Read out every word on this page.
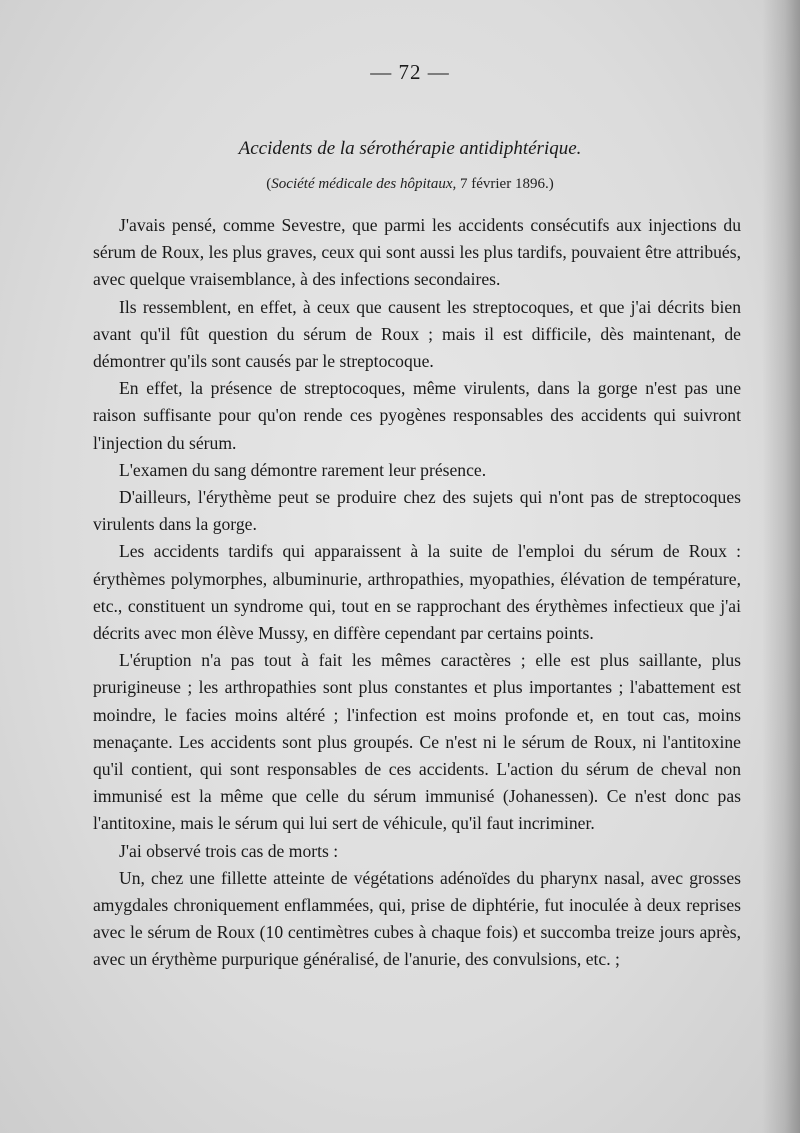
— 72 —
Accidents de la sérothérapie antidiphtérique.
(Société médicale des hôpitaux, 7 février 1896.)

J'avais pensé, comme Sevestre, que parmi les accidents consécutifs aux injections du sérum de Roux, les plus graves, ceux qui sont aussi les plus tardifs, pouvaient être attribués, avec quelque vraisemblance, à des infections secondaires.

Ils ressemblent, en effet, à ceux que causent les streptocoques, et que j'ai décrits bien avant qu'il fût question du sérum de Roux ; mais il est difficile, dès maintenant, de démontrer qu'ils sont causés par le streptocoque.

En effet, la présence de streptocoques, même virulents, dans la gorge n'est pas une raison suffisante pour qu'on rende ces pyogènes responsables des accidents qui suivront l'injection du sérum.

L'examen du sang démontre rarement leur présence.

D'ailleurs, l'érythème peut se produire chez des sujets qui n'ont pas de streptocoques virulents dans la gorge.

Les accidents tardifs qui apparaissent à la suite de l'emploi du sérum de Roux : érythèmes polymorphes, albuminurie, arthropathies, myopathies, élévation de température, etc., constituent un syndrome qui, tout en se rapprochant des érythèmes infectieux que j'ai décrits avec mon élève Mussy, en diffère cependant par certains points.

L'éruption n'a pas tout à fait les mêmes caractères ; elle est plus saillante, plus prurigineuse ; les arthropathies sont plus constantes et plus importantes ; l'abattement est moindre, le facies moins altéré ; l'infection est moins profonde et, en tout cas, moins menaçante. Les accidents sont plus groupés. Ce n'est ni le sérum de Roux, ni l'antitoxine qu'il contient, qui sont responsables de ces accidents. L'action du sérum de cheval non immunisé est la même que celle du sérum immunisé (Johanessen). Ce n'est donc pas l'antitoxine, mais le sérum qui lui sert de véhicule, qu'il faut incriminer.

J'ai observé trois cas de morts :

Un, chez une fillette atteinte de végétations adénoïdes du pharynx nasal, avec grosses amygdales chroniquement enflammées, qui, prise de diphtérie, fut inoculée à deux reprises avec le sérum de Roux (10 centimètres cubes à chaque fois) et succomba treize jours après, avec un érythème purpurique généralisé, de l'anurie, des convulsions, etc. ;
